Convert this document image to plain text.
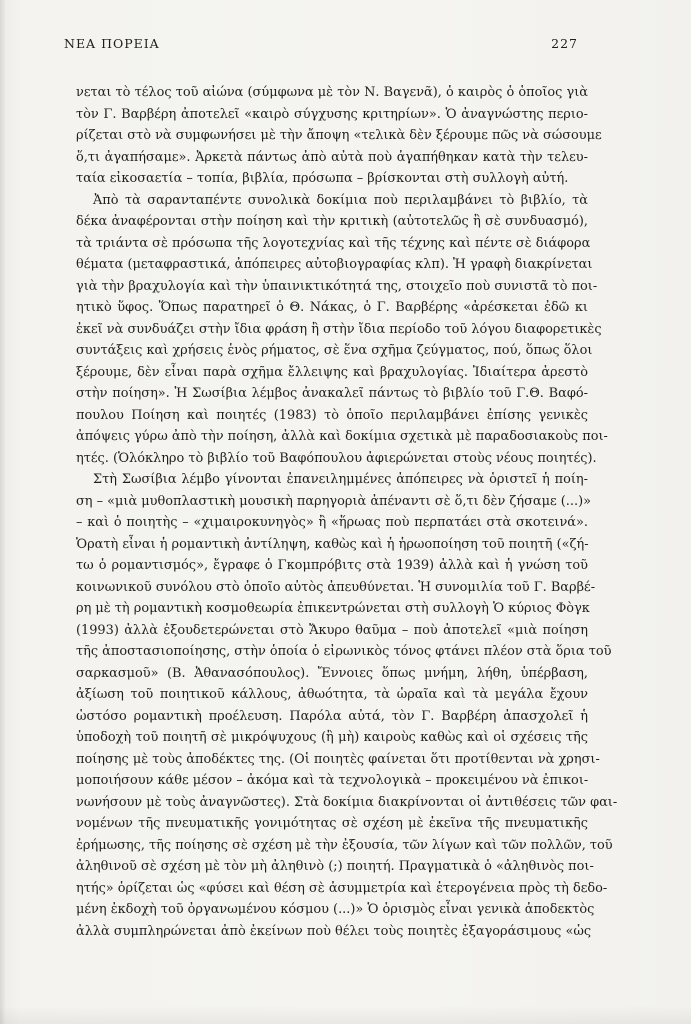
ΝΕΑ ΠΟΡΕΙΑ	227
νεται τὸ τέλος τοῦ αἰώνα (σύμφωνα μὲ τὸν Ν. Βαγενᾶ), ὁ καιρὸς ὁ ὁποῖος γιὰ
τὸν Γ. Βαρβέρη ἀποτελεῖ «καιρὸ σύγχυσης κριτηρίων». Ὁ ἀναγνώστης περιο-
ρίζεται στὸ νὰ συμφωνήσει μὲ τὴν ἄποψη «τελικὰ δὲν ξέρουμε πῶς νὰ σώσουμε
ὅ,τι ἀγαπήσαμε». Ἀρκετὰ πάντως ἀπὸ αὐτὰ ποὺ ἀγαπήθηκαν κατὰ τὴν τελευ-
ταία εἰκοσαετία – τοπία, βιβλία, πρόσωπα – βρίσκονται στὴ συλλογὴ αὐτή.
Ἀπὸ τὰ σαρανταπέντε συνολικὰ δοκίμια ποὺ περιλαμβάνει τὸ βιβλίο, τὰ
δέκα ἀναφέρονται στὴν ποίηση καὶ τὴν κριτικὴ (αὐτοτελῶς ἢ σὲ συνδυασμό),
τὰ τριάντα σὲ πρόσωπα τῆς λογοτεχνίας καὶ τῆς τέχνης καὶ πέντε σὲ διάφορα
θέματα (μεταφραστικά, ἀπόπειρες αὐτοβιογραφίας κλπ). Ἡ γραφὴ διακρίνεται
γιὰ τὴν βραχυλογία καὶ τὴν ὑπαινικτικότητά της, στοιχεῖο ποὺ συνιστᾶ τὸ ποι-
ητικὸ ὕφος. Ὅπως παρατηρεῖ ὁ Θ. Νάκας, ὁ Γ. Βαρβέρης «ἀρέσκεται ἐδῶ κι
ἐκεῖ νὰ συνδυάζει στὴν ἴδια φράση ἢ στὴν ἴδια περίοδο τοῦ λόγου διαφορετικὲς
συντάξεις καὶ χρήσεις ἑνὸς ρήματος, σὲ ἕνα σχῆμα ζεύγματος, πού, ὅπως ὅλοι
ξέρουμε, δὲν εἶναι παρὰ σχῆμα ἔλλειψης καὶ βραχυλογίας. Ἰδιαίτερα ἀρεστὸ
στὴν ποίηση». Ἡ Σωσίβια λέμβος ἀνακαλεῖ πάντως τὸ βιβλίο τοῦ Γ.Θ. Βαφό-
πουλου Ποίηση καὶ ποιητές (1983) τὸ ὁποῖο περιλαμβάνει ἐπίσης γενικὲς
ἀπόψεις γύρω ἀπὸ τὴν ποίηση, ἀλλὰ καὶ δοκίμια σχετικὰ μὲ παραδοσιακοὺς ποι-
ητές. (Ὁλόκληρο τὸ βιβλίο τοῦ Βαφόπουλου ἀφιερώνεται στοὺς νέους ποιητές).
Στὴ Σωσίβια λέμβο γίνονται ἐπανειλημμένες ἀπόπειρες νὰ ὁριστεῖ ἡ ποίη-
ση – «μιὰ μυθοπλαστικὴ μουσικὴ παρηγοριὰ ἀπέναντι σὲ ὅ,τι δὲν ζήσαμε (...)»
– καὶ ὁ ποιητὴς – «χιμαιροκυνηγὸς» ἢ «ἥρωας ποὺ περπατάει στὰ σκοτεινά».
Ὁρατὴ εἶναι ἡ ρομαντικὴ ἀντίληψη, καθὼς καὶ ἡ ἡρωοποίηση τοῦ ποιητῆ («ζή-
τω ὁ ρομαντισμός», ἔγραφε ὁ Γκομπρόβιτς στὰ 1939) ἀλλὰ καὶ ἡ γνώση τοῦ
κοινωνικοῦ συνόλου στὸ ὁποῖο αὐτὸς ἀπευθύνεται. Ἡ συνομιλία τοῦ Γ. Βαρβέ-
ρη μὲ τὴ ρομαντικὴ κοσμοθεωρία ἐπικεντρώνεται στὴ συλλογὴ Ὁ κύριος Φὸγκ
(1993) ἀλλὰ ἐξουδετερώνεται στὸ Ἄκυρο θαῦμα – ποὺ ἀποτελεῖ «μιὰ ποίηση
τῆς ἀποστασιοποίησης, στὴν ὁποία ὁ εἰρωνικὸς τόνος φτάνει πλέον στὰ ὅρια τοῦ
σαρκασμοῦ» (Β. Ἀθανασόπουλος). Ἔννοιες ὅπως μνήμη, λήθη, ὑπέρβαση,
ἀξίωση τοῦ ποιητικοῦ κάλλους, ἀθωότητα, τὰ ὡραῖα καὶ τὰ μεγάλα ἔχουν
ὡστόσο ρομαντικὴ προέλευση. Παρόλα αὐτά, τὸν Γ. Βαρβέρη ἀπασχολεῖ ἡ
ὑποδοχὴ τοῦ ποιητῆ σὲ μικρόψυχους (ἢ μὴ) καιροὺς καθὼς καὶ οἱ σχέσεις τῆς
ποίησης μὲ τοὺς ἀποδέκτες της. (Οἱ ποιητὲς φαίνεται ὅτι προτίθενται νὰ χρησι-
μοποιήσουν κάθε μέσον – ἀκόμα καὶ τὰ τεχνολογικὰ – προκειμένου νὰ ἐπικοι-
νωνήσουν μὲ τοὺς ἀναγνῶστες). Στὰ δοκίμια διακρίνονται οἱ ἀντιθέσεις τῶν φαι-
νομένων τῆς πνευματικῆς γονιμότητας σὲ σχέση μὲ ἐκεῖνα τῆς πνευματικῆς
ἐρήμωσης, τῆς ποίησης σὲ σχέση μὲ τὴν ἐξουσία, τῶν λίγων καὶ τῶν πολλῶν, τοῦ
ἀληθινοῦ σὲ σχέση μὲ τὸν μὴ ἀληθινὸ (;) ποιητή. Πραγματικὰ ὁ «ἀληθινὸς ποι-
ητής» ὁρίζεται ὡς «φύσει καὶ θέση σὲ ἀσυμμετρία καὶ ἑτερογένεια πρὸς τὴ δεδο-
μένη ἐκδοχὴ τοῦ ὀργανωμένου κόσμου (...)» Ὁ ὁρισμὸς εἶναι γενικὰ ἀποδεκτὸς
ἀλλὰ συμπληρώνεται ἀπὸ ἐκείνων ποὺ θέλει τοὺς ποιητὲς ἐξαγοράσιμους «ὡς
